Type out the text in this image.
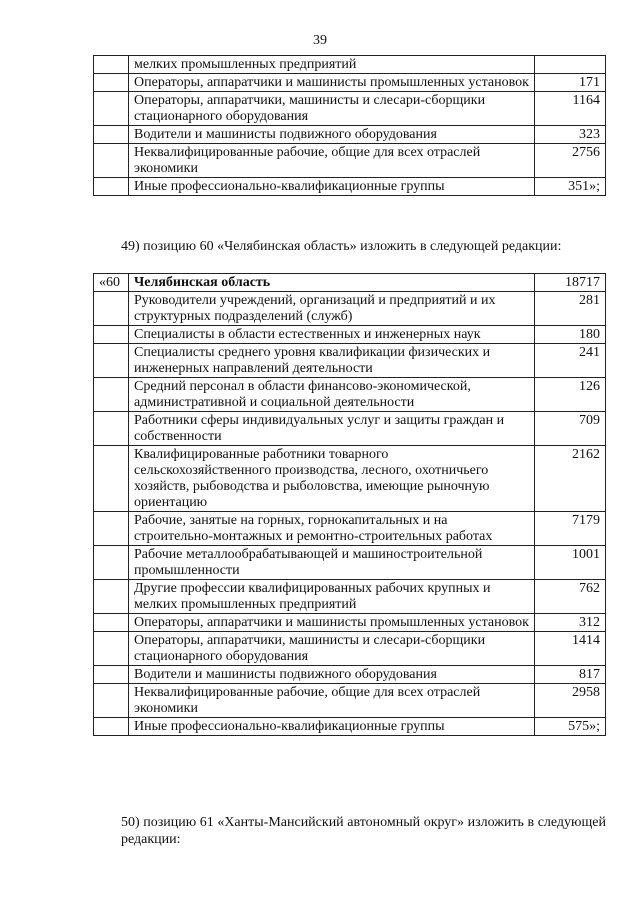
39
	мелких промышленных предприятий	
	Операторы, аппаратчики и машинисты промышленных установок	171
	Операторы, аппаратчики, машинисты и слесари-сборщики стационарного оборудования	1164
	Водители и машинисты подвижного оборудования	323
	Неквалифицированные рабочие, общие для всех отраслей экономики	2756
	Иные профессионально-квалификационные группы	351»;
49) позицию 60 «Челябинская область» изложить в следующей редакции:
«60	Челябинская область	18717
	Руководители учреждений, организаций и предприятий и их структурных подразделений (служб)	281
	Специалисты в области естественных и инженерных наук	180
	Специалисты среднего уровня квалификации физических и инженерных направлений деятельности	241
	Средний персонал в области финансово-экономической, административной и социальной деятельности	126
	Работники сферы индивидуальных услуг и защиты граждан и собственности	709
	Квалифицированные работники товарного сельскохозяйственного производства, лесного, охотничьего хозяйств, рыбоводства и рыболовства, имеющие рыночную ориентацию	2162
	Рабочие, занятые на горных, горнокапитальных и на строительно-монтажных и ремонтно-строительных работах	7179
	Рабочие металлообрабатывающей и машиностроительной промышленности	1001
	Другие профессии квалифицированных рабочих крупных и мелких промышленных предприятий	762
	Операторы, аппаратчики и машинисты промышленных установок	312
	Операторы, аппаратчики, машинисты и слесари-сборщики стационарного оборудования	1414
	Водители и машинисты подвижного оборудования	817
	Неквалифицированные рабочие, общие для всех отраслей экономики	2958
	Иные профессионально-квалификационные группы	575»;
50) позицию 61 «Ханты-Мансийский автономный округ» изложить в следующей редакции:
